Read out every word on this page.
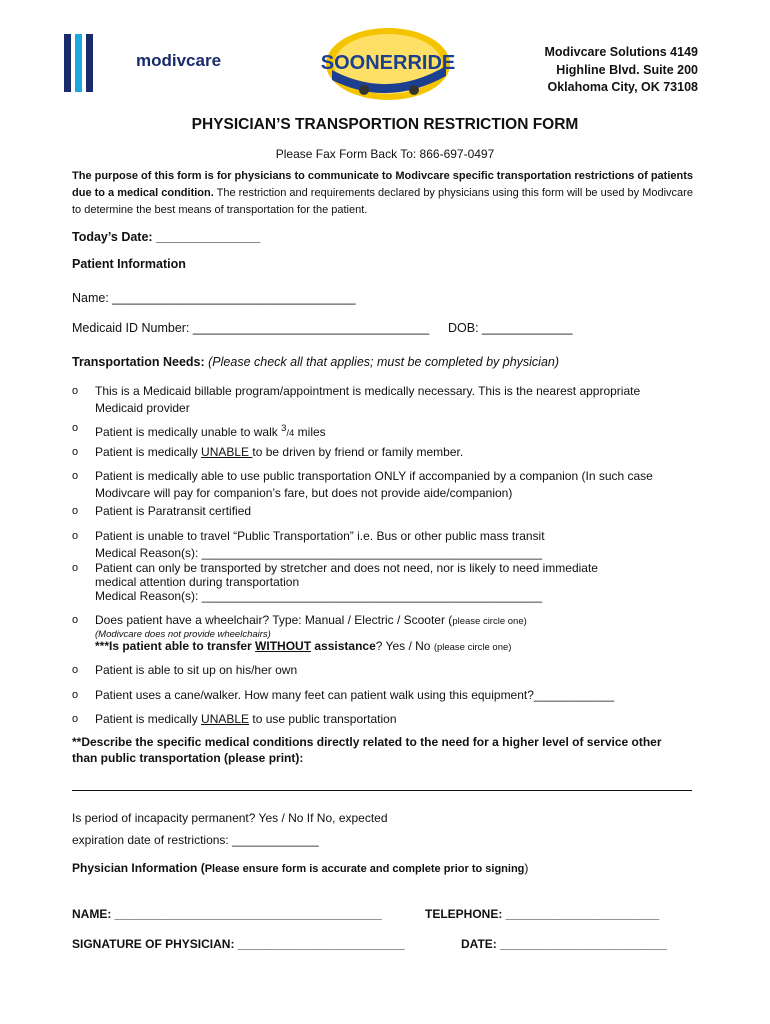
modivcare	SOONERRIDE	Modivcare Solutions 4149
Highline Blvd. Suite 200
Oklahoma City, OK 73108
PHYSICIAN’S TRANSPORTION RESTRICTION FORM
Please Fax Form Back To: 866-697-0497
The purpose of this form is for physicians to communicate to Modivcare specific transportation restrictions of patients due to a medical condition. The restriction and requirements declared by physicians using this form will be used by Modivcare to determine the best means of transportation for the patient.
Today’s Date: _______________
Patient Information
Name: ___________________________________
Medicaid ID Number: __________________________________ DOB: _____________
Transportation Needs: (Please check all that applies; must be completed by physician)
o This is a Medicaid billable program/appointment is medically necessary. This is the nearest appropriate
Medicaid provider
o Patient is medically unable to walk $^3$/4 miles
o Patient is medically UNABLE to be driven by friend or family member.
o Patient is medically able to use public transportation ONLY if accompanied by a companion (In such case
Modivcare will pay for companion’s fare, but does not provide aide/companion)
o Patient is Paratransit certified
o Patient is unable to travel “Public Transportation” i.e. Bus or other public mass transit
Medical Reason(s): ___________________________________________________
o Patient can only be transported by stretcher and does not need, nor is likely to need immediate
medical attention during transportation
Medical Reason(s): ___________________________________________________
o Does patient have a wheelchair? Type: Manual / Electric / Scooter (please circle one)
(Modivcare does not provide wheelchairs)
***Is patient able to transfer WITHOUT assistance? Yes / No (please circle one)
o Patient is able to sit up on his/her own
o Patient uses a cane/walker. How many feet can patient walk using this equipment?____________
o Patient is medically UNABLE to use public transportation
**Describe the specific medical conditions directly related to the need for a higher level of service other
than public transportation (please print):
Is period of incapacity permanent? Yes / No If No, expected
expiration date of restrictions: _____________
Physician Information (Please ensure form is accurate and complete prior to signing)
NAME: ________________________________________	TELEPHONE: _______________________
SIGNATURE OF PHYSICIAN: _________________________	DATE: _________________________
